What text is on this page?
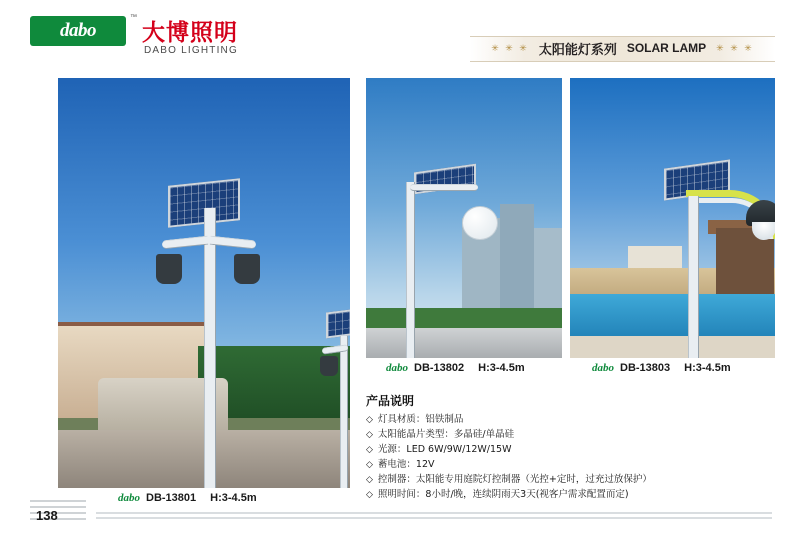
dabo
™
大博照明
DABO LIGHTING	✳ ✳ ✳ 太阳能灯系列 SOLAR LAMP ✳ ✳ ✳
dabo DB-13801 H:3-4.5m
dabo DB-13802 H:3-4.5m	dabo DB-13803 H:3-4.5m
产品说明
◇ 灯具材质：铝铁制品
◇ 太阳能晶片类型：多晶硅/单晶硅
◇ 光源：LED 6W/9W/12W/15W
◇ 蓄电池：12V
◇ 控制器：太阳能专用庭院灯控制器（光控+定时，过充过放保护）
◇ 照明时间：8小时/晚，连续阴雨天3天(视客户需求配置而定)
138
